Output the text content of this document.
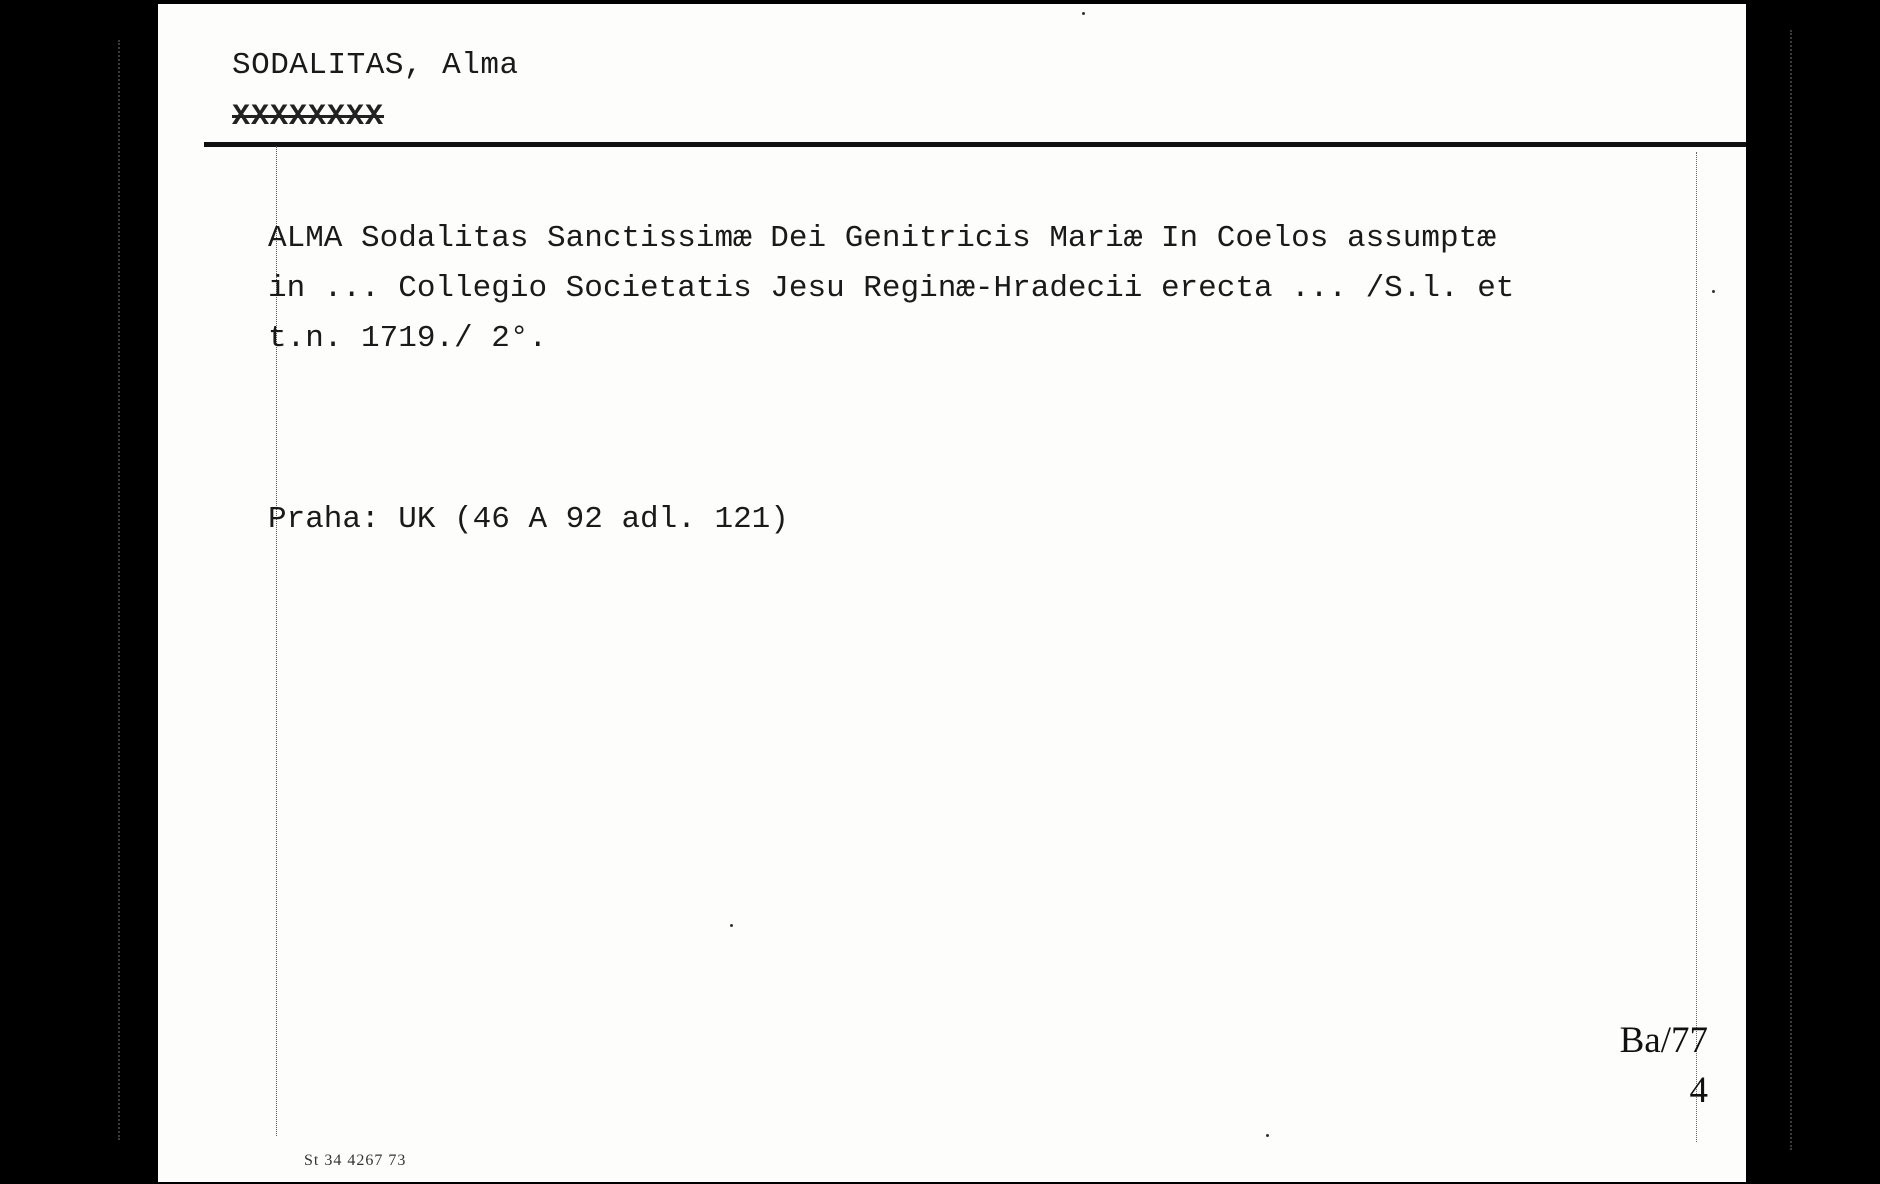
SODALITAS, Alma
XXXXXXXX
ALMA Sodalitas Sanctissimæ Dei Genitricis Mariæ In Coelos assumptæ
in ... Collegio Societatis Jesu Reginæ-Hradecii erecta ... /S.l. et
t.n. 1719./ 2°.
Praha: UK (46 A 92 adl. 121)
Ba/77
4
St 34 4267 73
